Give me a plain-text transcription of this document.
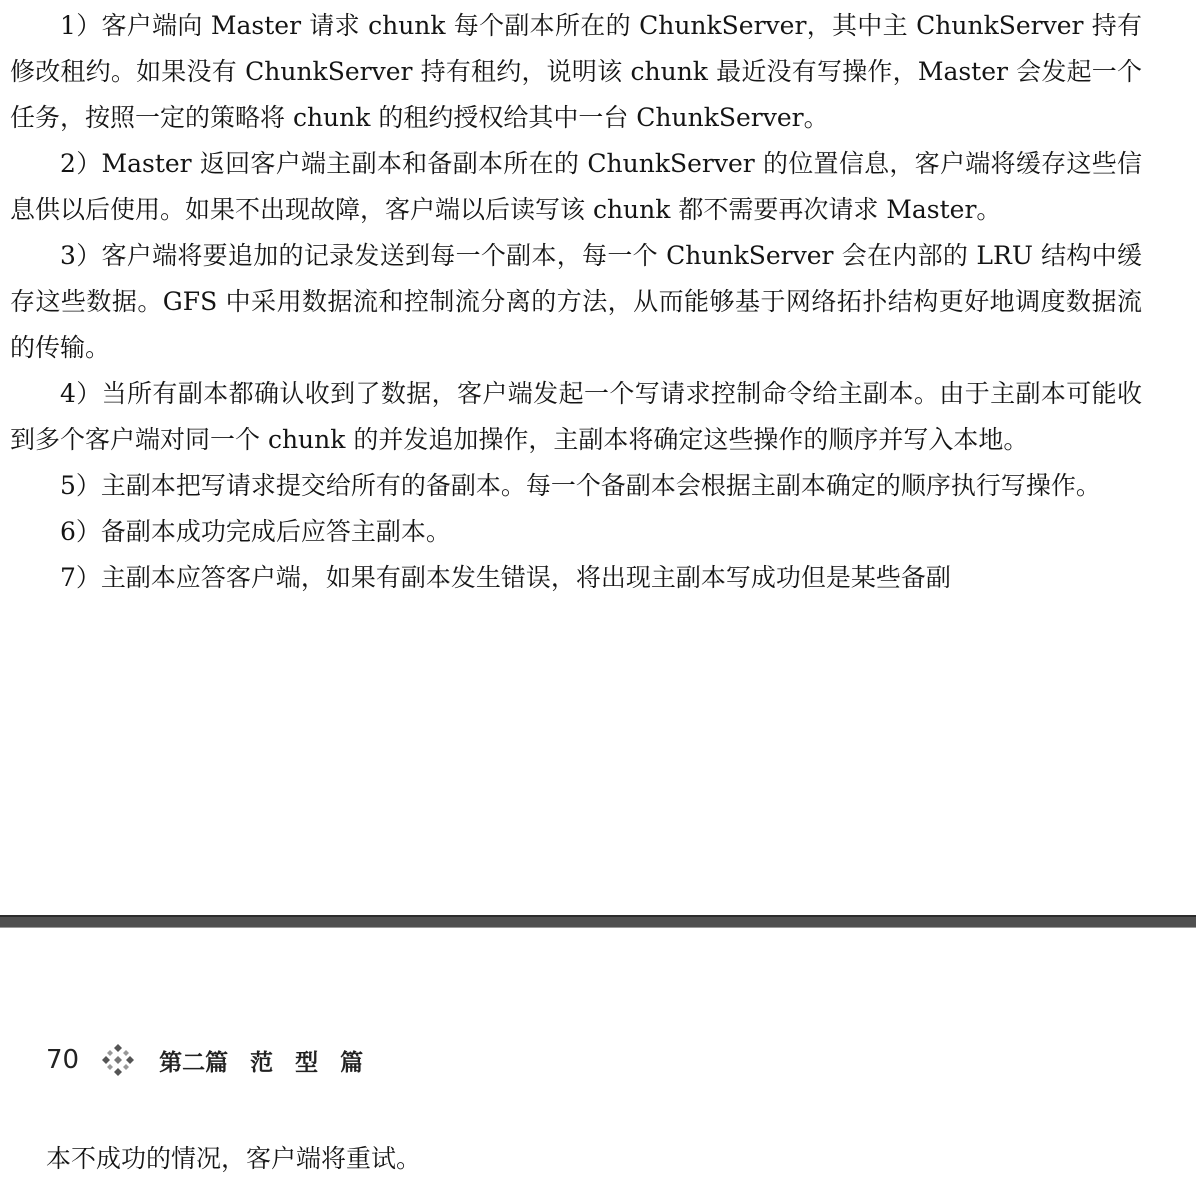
1）客户端向 Master 请求 chunk 每个副本所在的 ChunkServer，其中主 ChunkServer 持有修改租约。如果没有 ChunkServer 持有租约，说明该 chunk 最近没有写操作，Master 会发起一个任务，按照一定的策略将 chunk 的租约授权给其中一台 ChunkServer。

2）Master 返回客户端主副本和备副本所在的 ChunkServer 的位置信息，客户端将缓存这些信息供以后使用。如果不出现故障，客户端以后读写该 chunk 都不需要再次请求 Master。

3）客户端将要追加的记录发送到每一个副本，每一个 ChunkServer 会在内部的 LRU 结构中缓存这些数据。GFS 中采用数据流和控制流分离的方法，从而能够基于网络拓扑结构更好地调度数据流的传输。

4）当所有副本都确认收到了数据，客户端发起一个写请求控制命令给主副本。由于主副本可能收到多个客户端对同一个 chunk 的并发追加操作，主副本将确定这些操作的顺序并写入本地。

5）主副本把写请求提交给所有的备副本。每一个备副本会根据主副本确定的顺序执行写操作。

6）备副本成功完成后应答主副本。

7）主副本应答客户端，如果有副本发生错误，将出现主副本写成功但是某些备副

70	第二篇 范 型 篇

本不成功的情况，客户端将重试。
